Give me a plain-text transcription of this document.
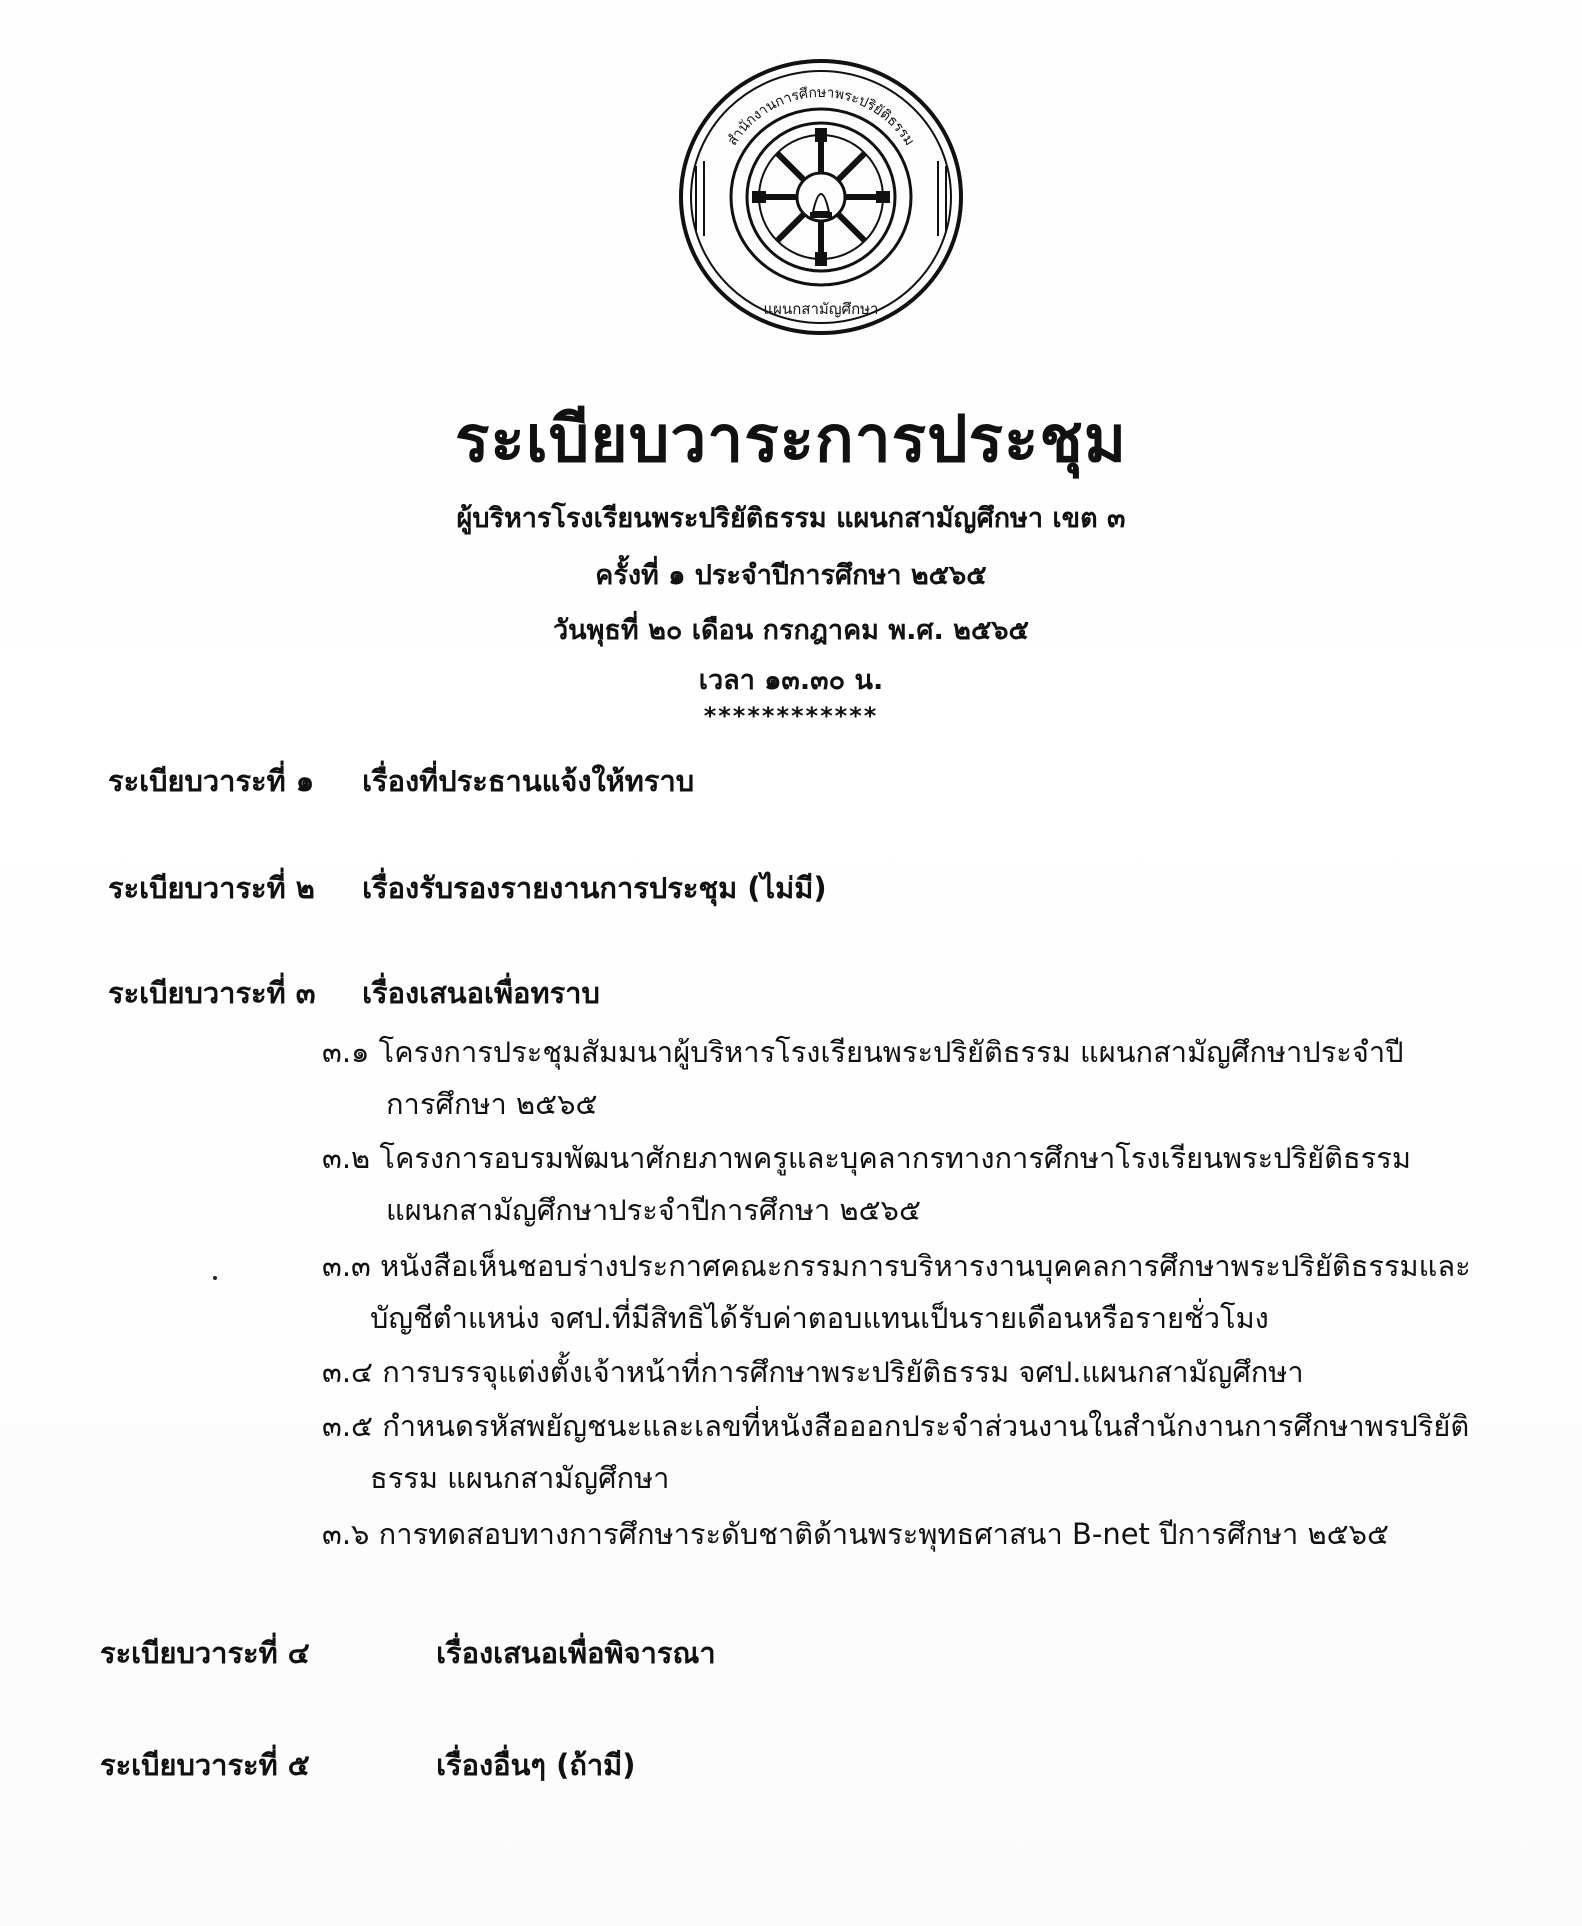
สำนักงานการศึกษาพระปริยัติธรรม
แผนกสามัญศึกษา
ระเบียบวาระการประชุม
ผู้บริหารโรงเรียนพระปริยัติธรรม แผนกสามัญศึกษา เขต ๓
ครั้งที่ ๑ ประจำปีการศึกษา ๒๕๖๕
วันพุธที่ ๒๐ เดือน กรกฎาคม พ.ศ. ๒๕๖๕
เวลา ๑๓.๓๐ น.
************
ระเบียบวาระที่ ๑ เรื่องที่ประธานแจ้งให้ทราบ
ระเบียบวาระที่ ๒ เรื่องรับรองรายงานการประชุม (ไม่มี)
ระเบียบวาระที่ ๓ เรื่องเสนอเพื่อทราบ
๓.๑ โครงการประชุมสัมมนาผู้บริหารโรงเรียนพระปริยัติธรรม แผนกสามัญศึกษาประจำปี
การศึกษา ๒๕๖๕
๓.๒ โครงการอบรมพัฒนาศักยภาพครูและบุคลากรทางการศึกษาโรงเรียนพระปริยัติธรรม
แผนกสามัญศึกษาประจำปีการศึกษา ๒๕๖๕
๓.๓ หนังสือเห็นชอบร่างประกาศคณะกรรมการบริหารงานบุคคลการศึกษาพระปริยัติธรรมและ
บัญชีตำแหน่ง จศป.ที่มีสิทธิได้รับค่าตอบแทนเป็นรายเดือนหรือรายชั่วโมง
๓.๔ การบรรจุแต่งตั้งเจ้าหน้าที่การศึกษาพระปริยัติธรรม จศป.แผนกสามัญศึกษา
๓.๕ กำหนดรหัสพยัญชนะและเลขที่หนังสือออกประจำส่วนงานในสำนักงานการศึกษาพรปริยัติ
ธรรม แผนกสามัญศึกษา
๓.๖ การทดสอบทางการศึกษาระดับชาติด้านพระพุทธศาสนา B-net ปีการศึกษา ๒๕๖๕
ระเบียบวาระที่ ๔	เรื่องเสนอเพื่อพิจารณา
ระเบียบวาระที่ ๕	เรื่องอื่นๆ (ถ้ามี)
